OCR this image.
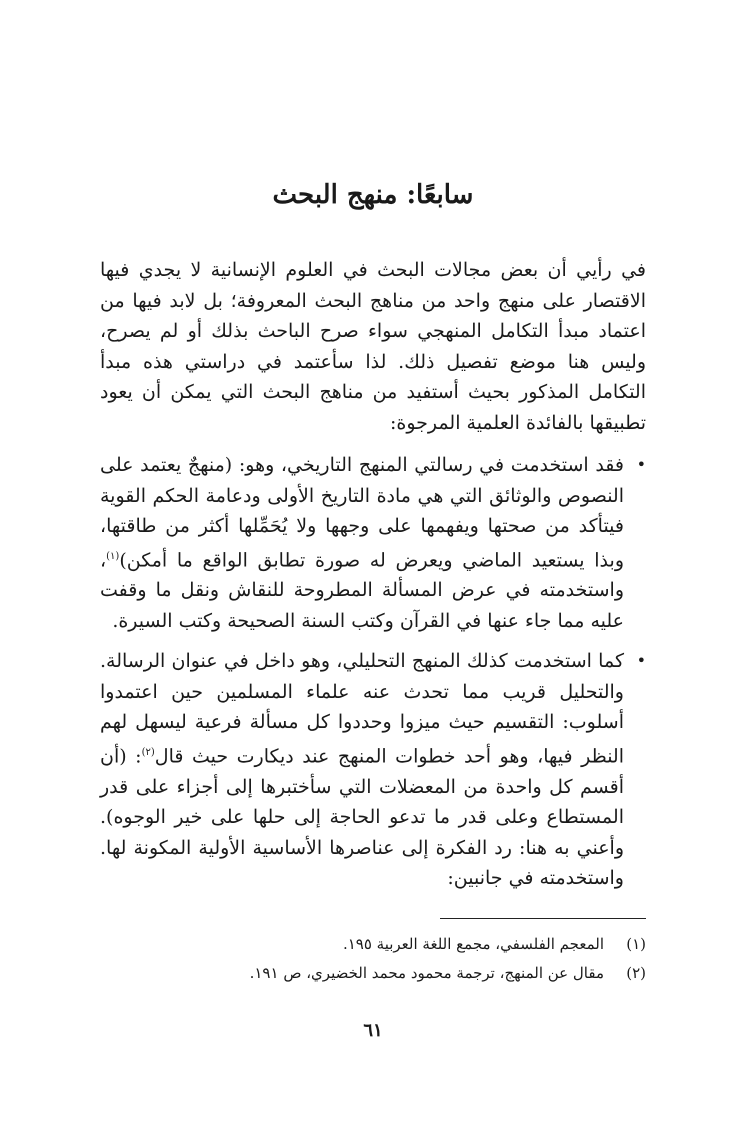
سابعًا: منهج البحث
في رأيي أن بعض مجالات البحث في العلوم الإنسانية لا يجدي فيها الاقتصار على منهج واحد من مناهج البحث المعروفة؛ بل لابد فيها من اعتماد مبدأ التكامل المنهجي سواء صرح الباحث بذلك أو لم يصرح، وليس هنا موضع تفصيل ذلك. لذا سأعتمد في دراستي هذه مبدأ التكامل المذكور بحيث أستفيد من مناهج البحث التي يمكن أن يعود تطبيقها بالفائدة العلمية المرجوة:
•
فقد استخدمت في رسالتي المنهج التاريخي، وهو: (منهجٌ يعتمد على النصوص والوثائق التي هي مادة التاريخ الأولى ودعامة الحكم القوية فيتأكد من صحتها ويفهمها على وجهها ولا يُحَمِّلها أكثر من طاقتها، وبذا يستعيد الماضي ويعرض له صورة تطابق الواقع ما أمكن)$^{(١)}$، واستخدمته في عرض المسألة المطروحة للنقاش ونقل ما وقفت عليه مما جاء عنها في القرآن وكتب السنة الصحيحة وكتب السيرة.
•
كما استخدمت كذلك المنهج التحليلي، وهو داخل في عنوان الرسالة. والتحليل قريب مما تحدث عنه علماء المسلمين حين اعتمدوا أسلوب: التقسيم حيث ميزوا وحددوا كل مسألة فرعية ليسهل لهم النظر فيها، وهو أحد خطوات المنهج عند ديكارت حيث قال$^{(٢)}$: (أن أقسم كل واحدة من المعضلات التي سأختبرها إلى أجزاء على قدر المستطاع وعلى قدر ما تدعو الحاجة إلى حلها على خير الوجوه). وأعني به هنا: رد الفكرة إلى عناصرها الأساسية الأولية المكونة لها. واستخدمته في جانبين:
(١)المعجم الفلسفي، مجمع اللغة العربية ١٩٥.
(٢)مقال عن المنهج، ترجمة محمود محمد الخضيري، ص ١٩١.
٦١
